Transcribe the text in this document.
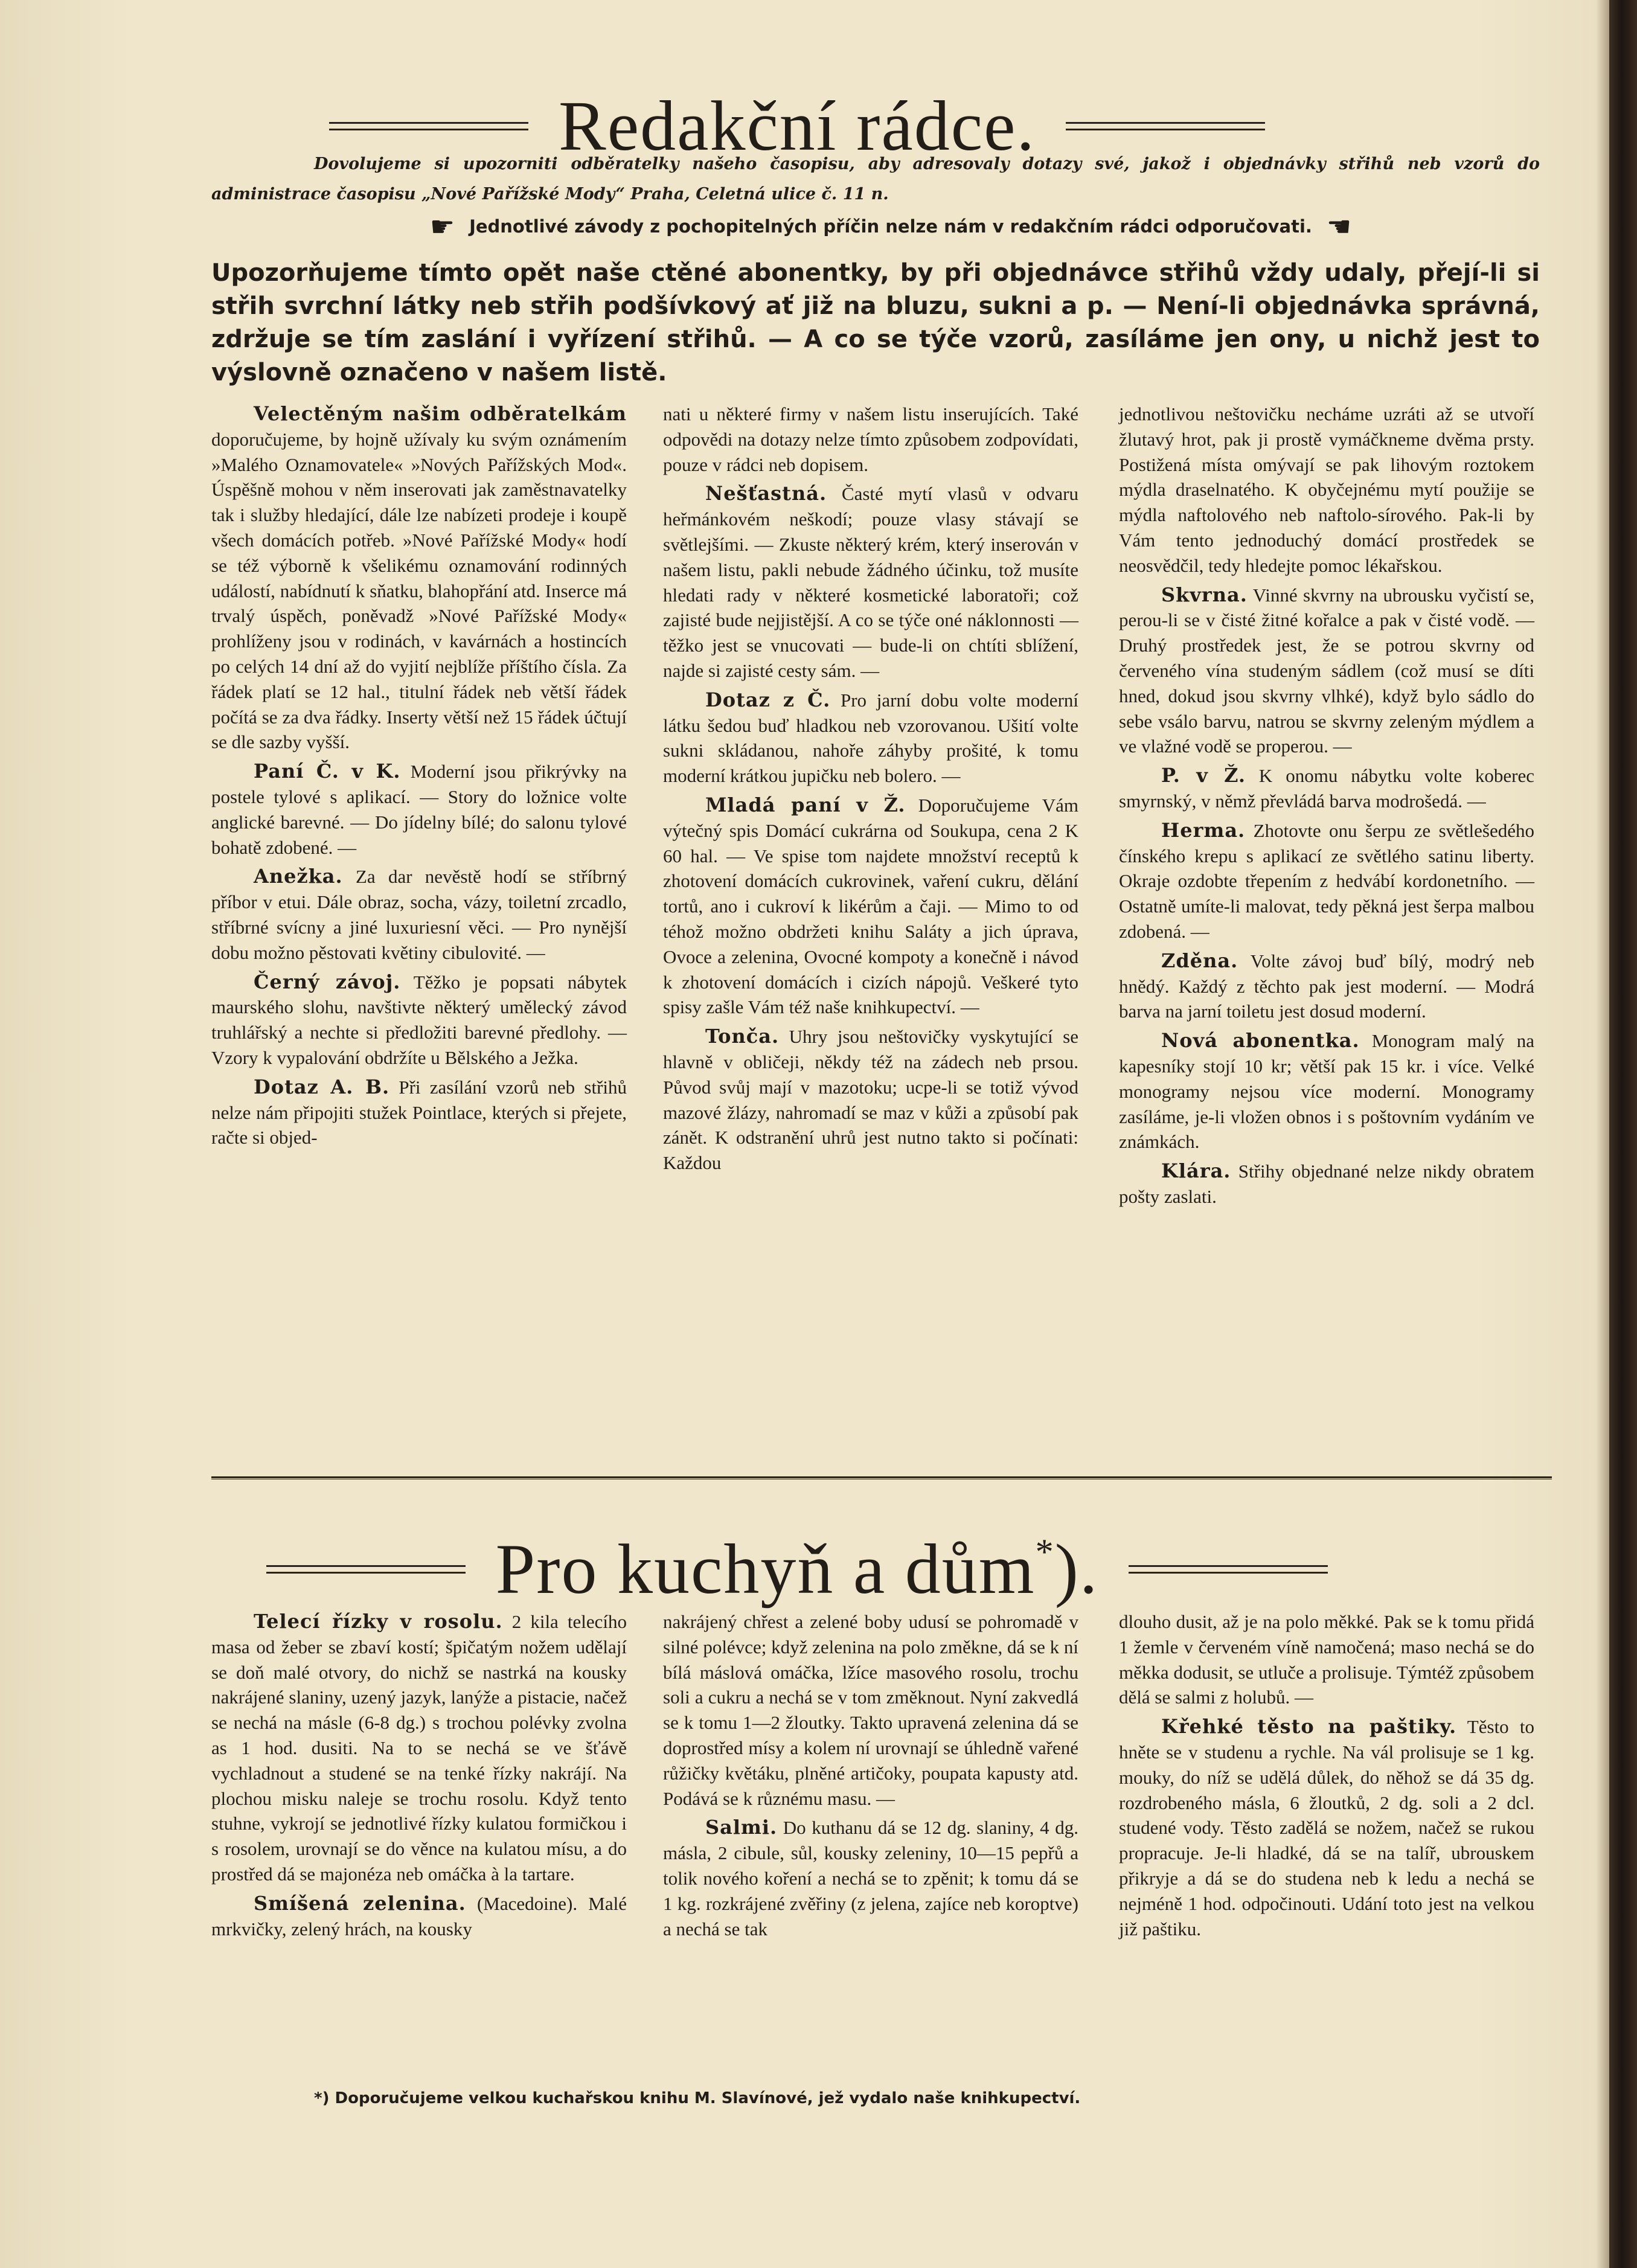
Redakční rádce.
Dovolujeme si upozorniti odběratelky našeho časopisu, aby adresovaly dotazy své, jakož i objednávky střihů neb vzorů do administrace časopisu „Nové Pařížské Mody“ Praha, Celetná ulice č. 11 n.
☛ Jednotlivé závody z pochopitelných příčin nelze nám v redakčním rádci odporučovati. ☚
Upozorňujeme tímto opět naše ctěné abonentky, by při objednávce střihů vždy udaly, přejí-li si střih svrchní látky neb střih podšívkový ať již na bluzu, sukni a p. — Není-li objednávka správná, zdržuje se tím zaslání i vyřízení střihů. — A co se týče vzorů, zasíláme jen ony, u nichž jest to výslovně označeno v našem listě.

Velectěným našim odběratelkám doporučujeme, by hojně užívaly ku svým oznámením »Malého Oznamovatele« »Nových Pařížských Mod«. Úspěšně mohou v něm inserovati jak zaměstnavatelky tak i služby hledající, dále lze nabízeti prodeje i koupě všech domácích potřeb. »Nové Pařížské Mody« hodí se též výborně k všelikému oznamování rodinných událostí, nabídnutí k sňatku, blahopřání atd. Inserce má trvalý úspěch, poněvadž »Nové Pařížské Mody« prohlíženy jsou v rodinách, v kavárnách a hostincích po celých 14 dní až do vyjití nejblíže příštího čísla. Za řádek platí se 12 hal., titulní řádek neb větší řádek počítá se za dva řádky. Inserty větší než 15 řádek účtují se dle sazby vyšší.

Paní Č. v K. Moderní jsou přikrývky na postele tylové s aplikací. — Story do ložnice volte anglické barevné. — Do jídelny bílé; do salonu tylové bohatě zdobené. —

Anežka. Za dar nevěstě hodí se stříbrný příbor v etui. Dále obraz, socha, vázy, toiletní zrcadlo, stříbrné svícny a jiné luxuriesní věci. — Pro nynější dobu možno pěstovati květiny cibulovité. —

Černý závoj. Těžko je popsati nábytek maurského slohu, navštivte některý umělecký závod truhlářský a nechte si předložiti barevné předlohy. — Vzory k vypalování obdržíte u Bělského a Ježka.

Dotaz A. B. Při zasílání vzorů neb střihů nelze nám připojiti stužek Pointlace, kterých si přejete, račte si objed-

nati u některé firmy v našem listu inserujících. Také odpovědi na dotazy nelze tímto způsobem zodpovídati, pouze v rádci neb dopisem.

Nešťastná. Časté mytí vlasů v odvaru heřmánkovém neškodí; pouze vlasy stávají se světlejšími. — Zkuste některý krém, který inserován v našem listu, pakli nebude žádného účinku, tož musíte hledati rady v některé kosmetické laboratoři; což zajisté bude nejjistější. A co se týče oné náklonnosti — těžko jest se vnucovati — bude-li on chtíti sblížení, najde si zajisté cesty sám. —

Dotaz z Č. Pro jarní dobu volte moderní látku šedou buď hladkou neb vzorovanou. Ušití volte sukni skládanou, nahoře záhyby prošité, k tomu moderní krátkou jupičku neb bolero. —

Mladá paní v Ž. Doporučujeme Vám výtečný spis Domácí cukrárna od Soukupa, cena 2 K 60 hal. — Ve spise tom najdete množství receptů k zhotovení domácích cukrovinek, vaření cukru, dělání tortů, ano i cukroví k likérům a čaji. — Mimo to od téhož možno obdržeti knihu Saláty a jich úprava, Ovoce a zelenina, Ovocné kompoty a konečně i návod k zhotovení domácích i cizích nápojů. Veškeré tyto spisy zašle Vám též naše knihkupectví. —

Tonča. Uhry jsou neštovičky vyskytující se hlavně v obličeji, někdy též na zádech neb prsou. Původ svůj mají v mazotoku; ucpe-li se totiž vývod mazové žlázy, nahromadí se maz v kůži a způsobí pak zánět. K odstranění uhrů jest nutno takto si počínati: Každou

jednotlivou neštovičku necháme uzráti až se utvoří žlutavý hrot, pak ji prostě vymáčkneme dvěma prsty. Postižená místa omývají se pak lihovým roztokem mýdla draselnatého. K obyčejnému mytí použije se mýdla naftolového neb naftolo-sírového. Pak-li by Vám tento jednoduchý domácí prostředek se neosvědčil, tedy hledejte pomoc lékařskou.

Skvrna. Vinné skvrny na ubrousku vyčistí se, perou-li se v čisté žitné kořalce a pak v čisté vodě. — Druhý prostředek jest, že se potrou skvrny od červeného vína studeným sádlem (což musí se díti hned, dokud jsou skvrny vlhké), když bylo sádlo do sebe vsálo barvu, natrou se skvrny zeleným mýdlem a ve vlažné vodě se properou. —

P. v Ž. K onomu nábytku volte koberec smyrnský, v němž převládá barva modrošedá. —

Herma. Zhotovte onu šerpu ze světlešedého čínského krepu s aplikací ze světlého satinu liberty. Okraje ozdobte třepením z hedvábí kordonetního. — Ostatně umíte-li malovat, tedy pěkná jest šerpa malbou zdobená. —

Zděna. Volte závoj buď bílý, modrý neb hnědý. Každý z těchto pak jest moderní. — Modrá barva na jarní toiletu jest dosud moderní.

Nová abonentka. Monogram malý na kapesníky stojí 10 kr; větší pak 15 kr. i více. Velké monogramy nejsou více moderní. Monogramy zasíláme, je-li vložen obnos i s poštovním vydáním ve známkách.

Klára. Střihy objednané nelze nikdy obratem pošty zaslati.

Pro kuchyň a dům*).

Telecí řízky v rosolu. 2 kila telecího masa od žeber se zbaví kostí; špičatým nožem udělají se doň malé otvory, do nichž se nastrká na kousky nakrájené slaniny, uzený jazyk, lanýže a pistacie, načež se nechá na másle (6-8 dg.) s trochou polévky zvolna as 1 hod. dusiti. Na to se nechá se ve šťávě vychladnout a studené se na tenké řízky nakrájí. Na plochou misku naleje se trochu rosolu. Když tento stuhne, vykrojí se jednotlivé řízky kulatou formičkou i s rosolem, urovnají se do věnce na kulatou mísu, a do prostřed dá se majonéza neb omáčka à la tartare.

Smíšená zelenina. (Macedoine). Malé mrkvičky, zelený hrách, na kousky

nakrájený chřest a zelené boby udusí se pohromadě v silné polévce; když zelenina na polo změkne, dá se k ní bílá máslová omáčka, lžíce masového rosolu, trochu soli a cukru a nechá se v tom změknout. Nyní zakvedlá se k tomu 1—2 žloutky. Takto upravená zelenina dá se doprostřed mísy a kolem ní urovnají se úhledně vařené růžičky květáku, plněné artičoky, poupata kapusty atd. Podává se k různému masu. —

Salmi. Do kuthanu dá se 12 dg. slaniny, 4 dg. másla, 2 cibule, sůl, kousky zeleniny, 10—15 pepřů a tolik nového koření a nechá se to zpěnit; k tomu dá se 1 kg. rozkrájené zvěřiny (z jelena, zajíce neb koroptve) a nechá se tak

dlouho dusit, až je na polo měkké. Pak se k tomu přidá 1 žemle v červeném víně namočená; maso nechá se do měkka dodusit, se utluče a prolisuje. Týmtéž způsobem dělá se salmi z holubů. —

Křehké těsto na paštiky. Těsto to hněte se v studenu a rychle. Na vál prolisuje se 1 kg. mouky, do níž se udělá důlek, do něhož se dá 35 dg. rozdrobeného másla, 6 žloutků, 2 dg. soli a 2 dcl. studené vody. Těsto zadělá se nožem, načež se rukou propracuje. Je-li hladké, dá se na talíř, ubrouskem přikryje a dá se do studena neb k ledu a nechá se nejméně 1 hod. odpočinouti. Udání toto jest na velkou již paštiku.

*) Doporučujeme velkou kuchařskou knihu M. Slavínové, jež vydalo naše knihkupectví.
